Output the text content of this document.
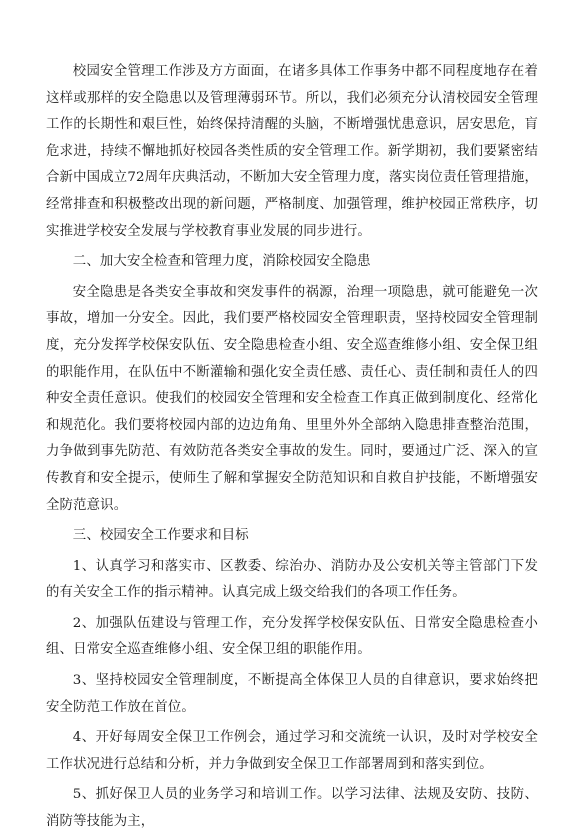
校园安全管理工作涉及方方面面，在诸多具体工作事务中都不同程度地存在着这样或那样的安全隐患以及管理薄弱环节。所以，我们必须充分认清校园安全管理工作的长期性和艰巨性，始终保持清醒的头脑，不断增强忧患意识，居安思危，肓危求进，持续不懈地抓好校园各类性质的安全管理工作。新学期初，我们要紧密结合新中国成立72周年庆典活动，不断加大安全管理力度，落实岗位责任管理措施，经常排查和积极整改出现的新问题，严格制度、加强管理，维护校园正常秩序，切实推进学校安全发展与学校教育事业发展的同步进行。

二、加大安全检查和管理力度，消除校园安全隐患

安全隐患是各类安全事故和突发事件的祸源，治理一项隐患，就可能避免一次事故，增加一分安全。因此，我们要严格校园安全管理职责，坚持校园安全管理制度，充分发挥学校保安队伍、安全隐患检查小组、安全巡查维修小组、安全保卫组的职能作用，在队伍中不断灌输和强化安全责任感、责任心、责任制和责任人的四种安全责任意识。使我们的校园安全管理和安全检查工作真正做到制度化、经常化和规范化。我们要将校园内部的边边角角、里里外外全部纳入隐患排查整治范围，力争做到事先防范、有效防范各类安全事故的发生。同时，要通过广泛、深入的宣传教育和安全提示，使师生了解和掌握安全防范知识和自救自护技能，不断增强安全防范意识。

三、校园安全工作要求和目标

1、认真学习和落实市、区教委、综治办、消防办及公安机关等主管部门下发的有关安全工作的指示精神。认真完成上级交给我们的各项工作任务。

2、加强队伍建设与管理工作，充分发挥学校保安队伍、日常安全隐患检查小组、日常安全巡查维修小组、安全保卫组的职能作用。

3、坚持校园安全管理制度，不断提高全体保卫人员的自律意识，要求始终把安全防范工作放在首位。

4、开好每周安全保卫工作例会，通过学习和交流统一认识，及时对学校安全工作状况进行总结和分析，并力争做到安全保卫工作部署周到和落实到位。

5、抓好保卫人员的业务学习和培训工作。以学习法律、法规及安防、技防、消防等技能为主，
